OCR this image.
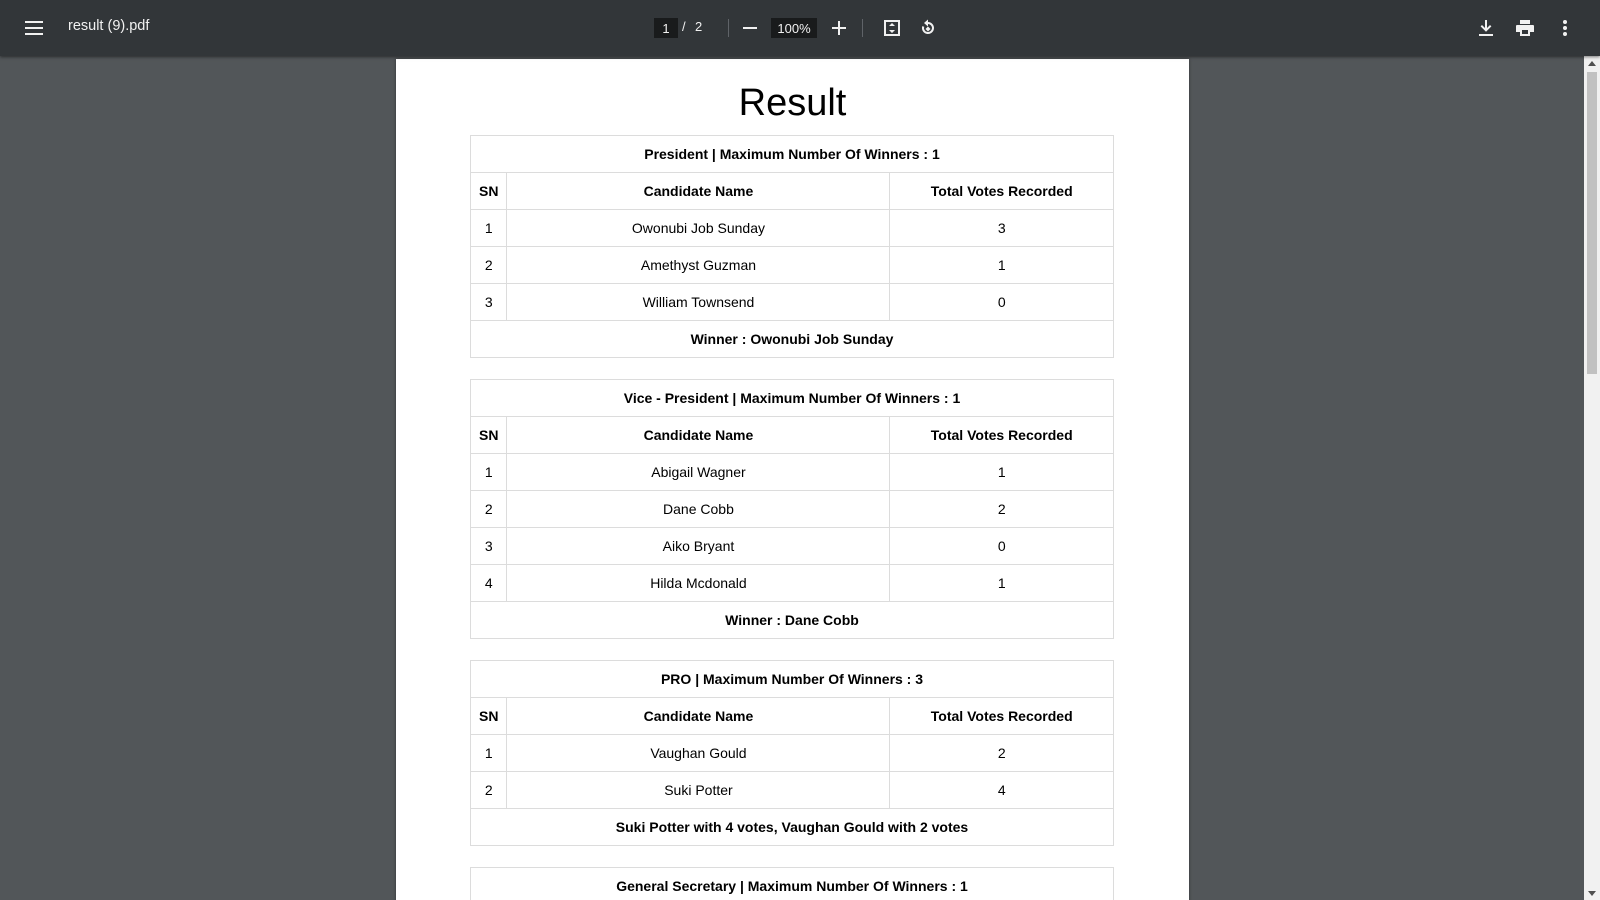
result (9).pdf
1	/ 2
100%
Result
President | Maximum Number Of Winners : 1		
SN	Candidate Name	Total Votes Recorded
1	Owonubi Job Sunday	3
2	Amethyst Guzman	1
3	William Townsend	0
Winner : Owonubi Job Sunday		
Vice - President | Maximum Number Of Winners : 1		
SN	Candidate Name	Total Votes Recorded
1	Abigail Wagner	1
2	Dane Cobb	2
3	Aiko Bryant	0
4	Hilda Mcdonald	1
Winner : Dane Cobb		
PRO | Maximum Number Of Winners : 3		
SN	Candidate Name	Total Votes Recorded
1	Vaughan Gould	2
2	Suki Potter	4
Suki Potter with 4 votes, Vaughan Gould with 2 votes		
General Secretary | Maximum Number Of Winners : 1
